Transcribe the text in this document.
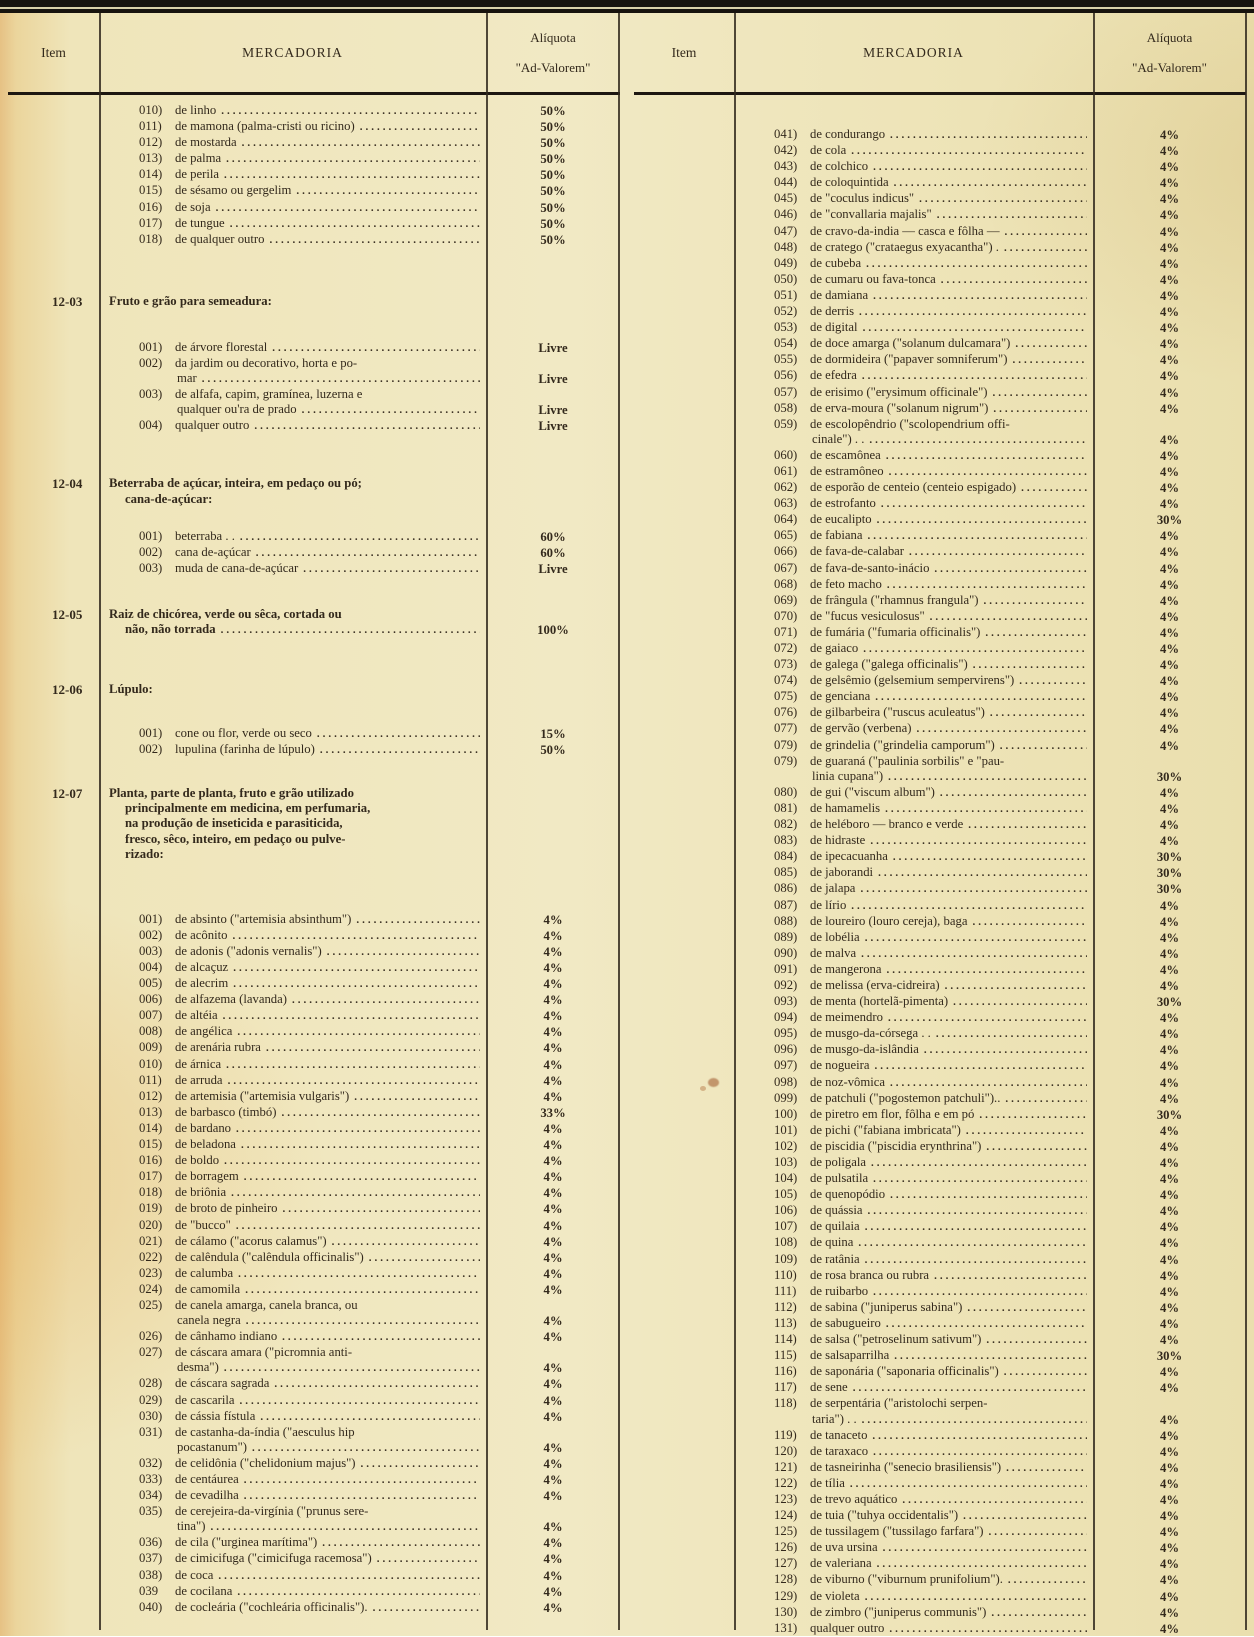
Item	MERCADORIA
Alíquota
"Ad-Valorem"
010)	de linho .....	50%
011)	de mamona (palma-cristi ou ricino) .....	50%
012)	de mostarda .....	50%
013)	de palma .....	50%
014)	de perila .....	50%
015)	de sésamo ou gergelim .....	50%
016)	de soja .....	50%
017)	de tungue .....	50%
018)	de qualquer outro .....	50%
12-03	Fruto e grão para semeadura:
001)	de árvore florestal .....	Livre
002)	da jardim ou decorativo, horta e po-
mar .....	Livre
003)	de alfafa, capim, gramínea, luzerna e
qualquer ou'ra de prado .....	Livre
004)	qualquer outro .....	Livre
12-04	Beterraba de açúcar, inteira, em pedaço ou pó;
cana-de-açúcar:
001)	beterraba . . .....	60%
002)	cana de-açúcar .....	60%
003)	muda de cana-de-açúcar .....	Livre
12-05	Raiz de chicórea, verde ou sêca, cortada ou
não, não torrada .....	100%
12-06	Lúpulo:
001)	cone ou flor, verde ou seco .....	15%
002)	lupulina (farinha de lúpulo) .....	50%
12-07	Planta, parte de planta, fruto e grão utilizado
principalmente em medicina, em perfumaria,
na produção de inseticida e parasiticida,
fresco, sêco, inteiro, em pedaço ou pulve-
rizado:
001)	de absinto ("artemisia absinthum") .....	4%
002)	de acônito .....	4%
003)	de adonis ("adonis vernalis") .....	4%
004)	de alcaçuz .....	4%
005)	de alecrim .....	4%
006)	de alfazema (lavanda) .....	4%
007)	de altéia .....	4%
008)	de angélica .....	4%
009)	de arenária rubra .....	4%
010)	de árnica .....	4%
011)	de arruda .....	4%
012)	de artemisia ("artemisia vulgaris") .....	4%
013)	de barbasco (timbó) .....	33%
014)	de bardano .....	4%
015)	de beladona .....	4%
016)	de boldo .....	4%
017)	de borragem .....	4%
018)	de briônia .....	4%
019)	de broto de pinheiro .....	4%
020)	de "bucco" .....	4%
021)	de cálamo ("acorus calamus") .....	4%
022)	de calêndula ("calêndula officinalis") .....	4%
023)	de calumba .....	4%
024)	de camomila .....	4%
025)	de canela amarga, canela branca, ou
canela negra .....	4%
026)	de cânhamo indiano .....	4%
027)	de cáscara amara ("picromnia anti-
desma") .....	4%
028)	de cáscara sagrada .....	4%
029)	de cascarila .....	4%
030)	de cássia fístula .....	4%
031)	de castanha-da-índia ("aesculus hip
pocastanum") .....	4%
032)	de celidônia ("chelidonium majus") .....	4%
033)	de centáurea .....	4%
034)	de cevadilha .....	4%
035)	de cerejeira-da-virgínia ("prunus sere-
tina") .....	4%
036)	de cila ("urginea marítima") .....	4%
037)	de cimicifuga ("cimicifuga racemosa") .....	4%
038)	de coca .....	4%
039	de cocilana .....	4%
040)	de cocleária ("cochleária officinalis"). .....	4%
Item	MERCADORIA
Alíquota
"Ad-Valorem"
041)	de condurango .....	4%
042)	de cola .....	4%
043)	de colchico .....	4%
044)	de coloquintida .....	4%
045)	de "coculus indicus" .....	4%
046)	de "convallaria majalis" .....	4%
047)	de cravo-da-india — casca e fôlha — .....	4%
048)	de cratego ("crataegus exyacantha") . .....	4%
049)	de cubeba .....	4%
050)	de cumaru ou fava-tonca .....	4%
051)	de damiana .....	4%
052)	de derris .....	4%
053)	de digital .....	4%
054)	de doce amarga ("solanum dulcamara") .....	4%
055)	de dormideira ("papaver somniferum") .....	4%
056)	de efedra .....	4%
057)	de erisimo ("erysimum officinale") .....	4%
058)	de erva-moura ("solanum nigrum") .....	4%
059)	de escolopêndrio ("scolopendrium offi-
cinale") . . .....	4%
060)	de escamônea .....	4%
061)	de estramôneo .....	4%
062)	de esporão de centeio (centeio espigado) .....	4%
063)	de estrofanto .....	4%
064)	de eucalipto .....	30%
065)	de fabiana .....	4%
066)	de fava-de-calabar .....	4%
067)	de fava-de-santo-inácio .....	4%
068)	de feto macho .....	4%
069)	de frângula ("rhamnus frangula") .....	4%
070)	de "fucus vesiculosus" .....	4%
071)	de fumária ("fumaria officinalis") .....	4%
072)	de gaiaco .....	4%
073)	de galega ("galega officinalis") .....	4%
074)	de gelsêmio (gelsemium sempervirens") .....	4%
075)	de genciana .....	4%
076)	de gilbarbeira ("ruscus aculeatus") .....	4%
077)	de gervão (verbena) .....	4%
079)	de grindelia ("grindelia camporum") .....	4%
079)	de guaraná ("paulinia sorbilis" e "pau-
linia cupana") .....	30%
080)	de gui ("viscum album") .....	4%
081)	de hamamelis .....	4%
082)	de heléboro — branco e verde .....	4%
083)	de hidraste .....	4%
084)	de ipecacuanha .....	30%
085)	de jaborandi .....	30%
086)	de jalapa .....	30%
087)	de lírio .....	4%
088)	de loureiro (louro cereja), baga .....	4%
089)	de lobélia .....	4%
090)	de malva .....	4%
091)	de mangerona .....	4%
092)	de melissa (erva-cidreira) .....	4%
093)	de menta (hortelã-pimenta) .....	30%
094)	de meimendro .....	4%
095)	de musgo-da-córsega . . .....	4%
096)	de musgo-da-islândia .....	4%
097)	de nogueira .....	4%
098)	de noz-vômica .....	4%
099)	de patchuli ("pogostemon patchuli").. .....	4%
100)	de piretro em flor, fôlha e em pó .....	30%
101)	de pichi ("fabiana imbricata") .....	4%
102)	de piscidia ("piscidia erynthrina") .....	4%
103)	de poligala .....	4%
104)	de pulsatila .....	4%
105)	de quenopódio .....	4%
106)	de quássia .....	4%
107)	de quilaia .....	4%
108)	de quina .....	4%
109)	de ratânia .....	4%
110)	de rosa branca ou rubra .....	4%
111)	de ruibarbo .....	4%
112)	de sabina ("juniperus sabina") .....	4%
113)	de sabugueiro .....	4%
114)	de salsa ("petroselinum sativum") .....	4%
115)	de salsaparrilha .....	30%
116)	de saponária ("saponaria officinalis") .....	4%
117)	de sene .....	4%
118)	de serpentária ("aristolochi serpen-
taria") . . .....	4%
119)	de tanaceto .....	4%
120)	de taraxaco .....	4%
121)	de tasneirinha ("senecio brasiliensis") .....	4%
122)	de tília .....	4%
123)	de trevo aquático .....	4%
124)	de tuia ("tuhya occidentalis") .....	4%
125)	de tussilagem ("tussilago farfara") .....	4%
126)	de uva ursina .....	4%
127)	de valeriana .....	4%
128)	de viburno ("viburnum prunifolium"). .....	4%
129)	de violeta .....	4%
130)	de zimbro ("juniperus communis") .....	4%
131)	qualquer outro .....	4%
